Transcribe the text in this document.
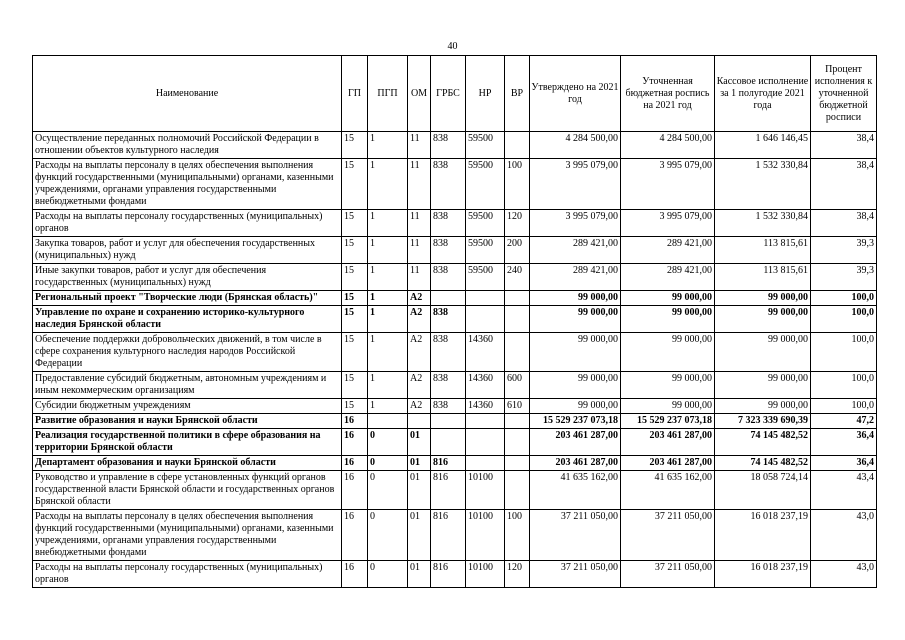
40
Наименование	ГП	ПГП	ОМ	ГРБС	НР	ВР	Утверждено на 2021 год	Уточненная бюджетная роспись на 2021 год	Кассовое исполнение за 1 полугодие 2021 года	Процент исполнения к уточненной бюджетной росписи
Осуществление переданных полномочий Российской Федерации в отношении объектов культурного наследия	15	1	11	838	59500		4 284 500,00	4 284 500,00	1 646 146,45	38,4
Расходы на выплаты персоналу в целях обеспечения выполнения функций государственными (муниципальными) органами, казенными учреждениями, органами управления государственными внебюджетными фондами	15	1	11	838	59500	100	3 995 079,00	3 995 079,00	1 532 330,84	38,4
Расходы на выплаты персоналу государственных (муниципальных) органов	15	1	11	838	59500	120	3 995 079,00	3 995 079,00	1 532 330,84	38,4
Закупка товаров, работ и услуг для обеспечения государственных (муниципальных) нужд	15	1	11	838	59500	200	289 421,00	289 421,00	113 815,61	39,3
Иные закупки товаров, работ и услуг для обеспечения государственных (муниципальных) нужд	15	1	11	838	59500	240	289 421,00	289 421,00	113 815,61	39,3
Региональный проект "Творческие люди (Брянская область)"	15	1	A2				99 000,00	99 000,00	99 000,00	100,0
Управление по охране и сохранению историко-культурного наследия Брянской области	15	1	A2	838			99 000,00	99 000,00	99 000,00	100,0
Обеспечение поддержки добровольческих движений, в том числе в сфере сохранения культурного наследия народов Российской Федерации	15	1	A2	838	14360		99 000,00	99 000,00	99 000,00	100,0
Предоставление субсидий бюджетным, автономным учреждениям и иным некоммерческим организациям	15	1	A2	838	14360	600	99 000,00	99 000,00	99 000,00	100,0
Субсидии бюджетным учреждениям	15	1	A2	838	14360	610	99 000,00	99 000,00	99 000,00	100,0
Развитие образования и науки Брянской области	16						15 529 237 073,18	15 529 237 073,18	7 323 339 690,39	47,2
Реализация государственной политики в сфере образования на территории Брянской области	16	0	01				203 461 287,00	203 461 287,00	74 145 482,52	36,4
Департамент образования и науки Брянской области	16	0	01	816			203 461 287,00	203 461 287,00	74 145 482,52	36,4
Руководство и управление в сфере установленных функций органов государственной власти Брянской области и государственных органов Брянской области	16	0	01	816	10100		41 635 162,00	41 635 162,00	18 058 724,14	43,4
Расходы на выплаты персоналу в целях обеспечения выполнения функций государственными (муниципальными) органами, казенными учреждениями, органами управления государственными внебюджетными фондами	16	0	01	816	10100	100	37 211 050,00	37 211 050,00	16 018 237,19	43,0
Расходы на выплаты персоналу государственных (муниципальных) органов	16	0	01	816	10100	120	37 211 050,00	37 211 050,00	16 018 237,19	43,0
